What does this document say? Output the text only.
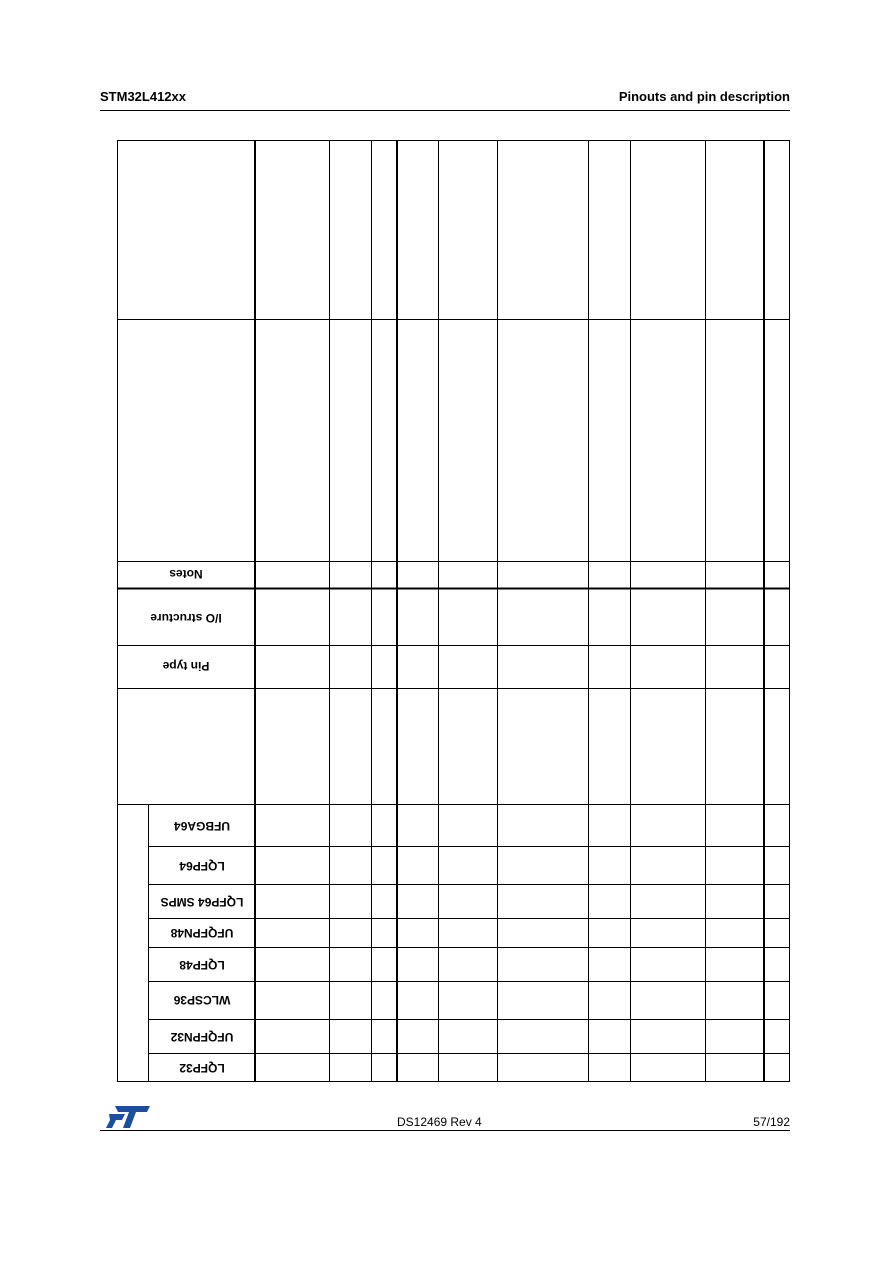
STM32L412xx	Pinouts and pin description
Notes
I/O structure
Pin type
UFBGA64
LQFP64
LQFP64 SMPS
UFQFPN48
LQFP48
WLCSP36
UFQFPN32
LQFP32
DS12469 Rev 4	57/192
